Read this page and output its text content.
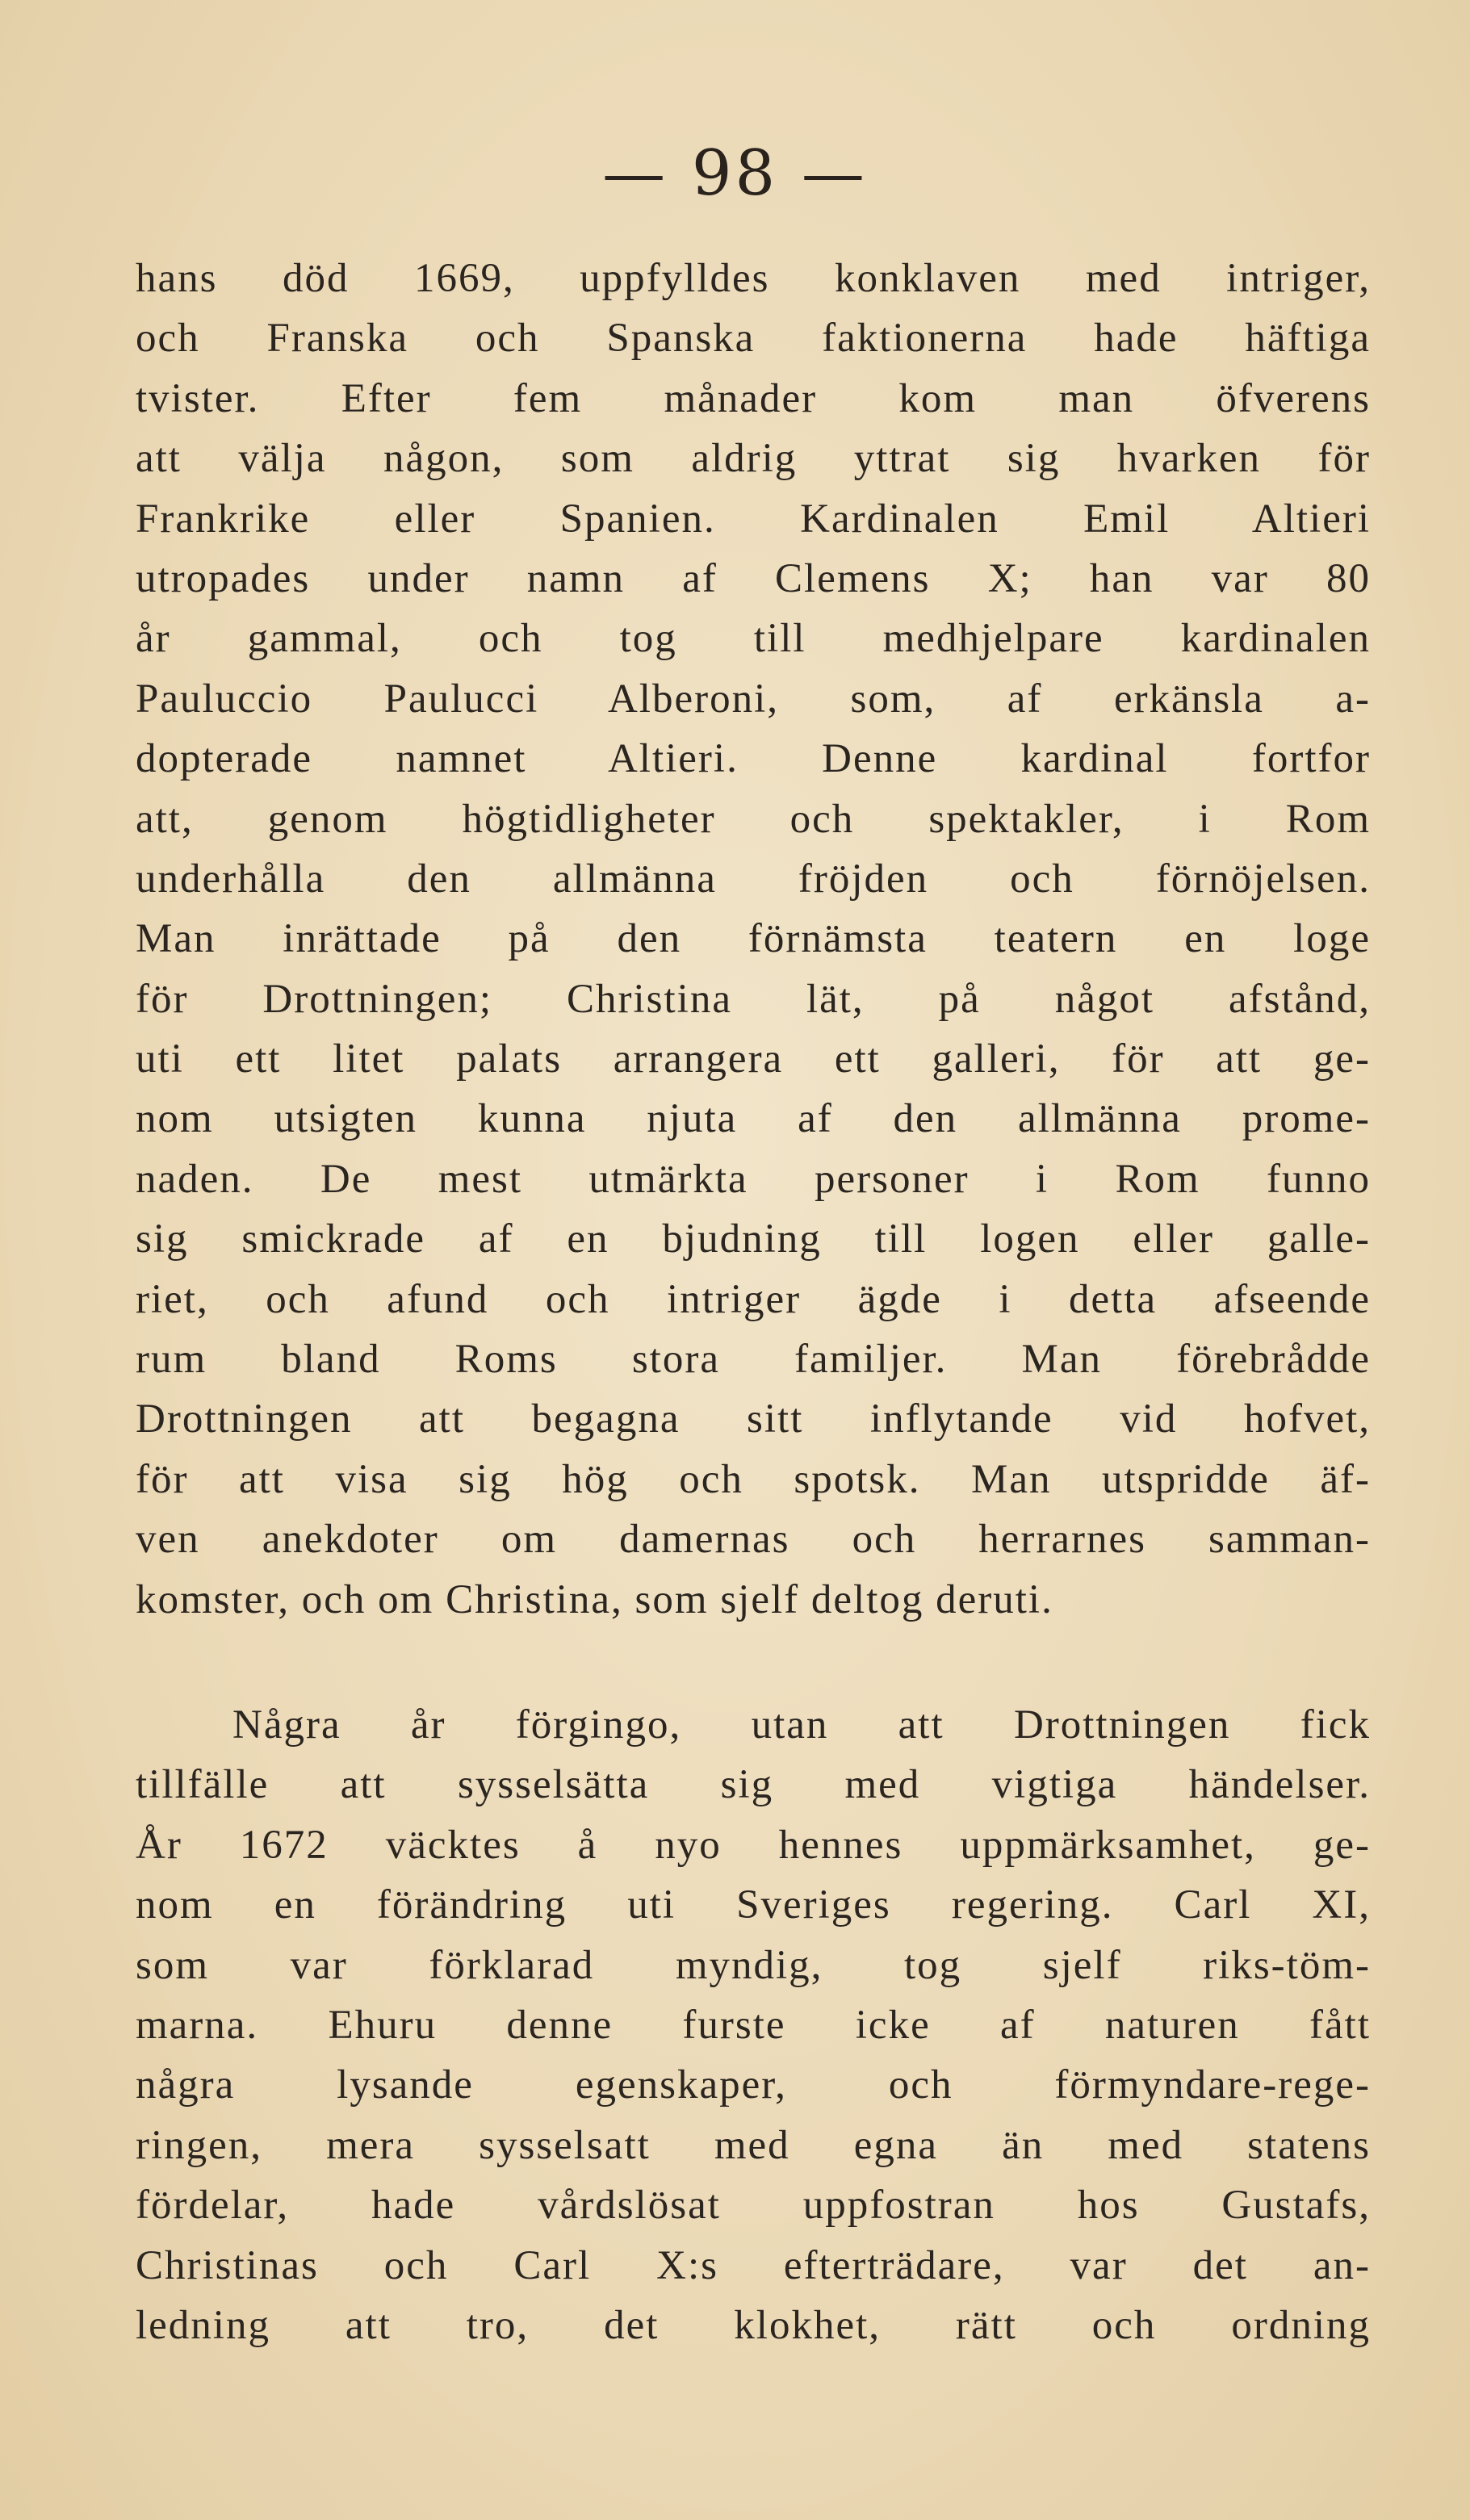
— 98 —
hans död 1669, uppfylldes konklaven med intriger,
och Franska och Spanska faktionerna hade häftiga
tvister. Efter fem månader kom man öfverens
att välja någon, som aldrig yttrat sig hvarken för
Frankrike eller Spanien. Kardinalen Emil Altieri
utropades under namn af Clemens X; han var 80
år gammal, och tog till medhjelpare kardinalen
Pauluccio Paulucci Alberoni, som, af erkänsla a-
dopterade namnet Altieri. Denne kardinal fortfor
att, genom högtidligheter och spektakler, i Rom
underhålla den allmänna fröjden och förnöjelsen.
Man inrättade på den förnämsta teatern en loge
för Drottningen; Christina lät, på något afstånd,
uti ett litet palats arrangera ett galleri, för att ge-
nom utsigten kunna njuta af den allmänna prome-
naden. De mest utmärkta personer i Rom funno
sig smickrade af en bjudning till logen eller galle-
riet, och afund och intriger ägde i detta afseende
rum bland Roms stora familjer. Man förebrådde
Drottningen att begagna sitt inflytande vid hofvet,
för att visa sig hög och spotsk. Man utspridde äf-
ven anekdoter om damernas och herrarnes samman-
komster, och om Christina, som sjelf deltog deruti.
Några år förgingo, utan att Drottningen fick
tillfälle att sysselsätta sig med vigtiga händelser.
År 1672 väcktes å nyo hennes uppmärksamhet, ge-
nom en förändring uti Sveriges regering. Carl XI,
som var förklarad myndig, tog sjelf riks-töm-
marna. Ehuru denne furste icke af naturen fått
några lysande egenskaper, och förmyndare-rege-
ringen, mera sysselsatt med egna än med statens
fördelar, hade vårdslösat uppfostran hos Gustafs,
Christinas och Carl X:s efterträdare, var det an-
ledning att tro, det klokhet, rätt och ordning
